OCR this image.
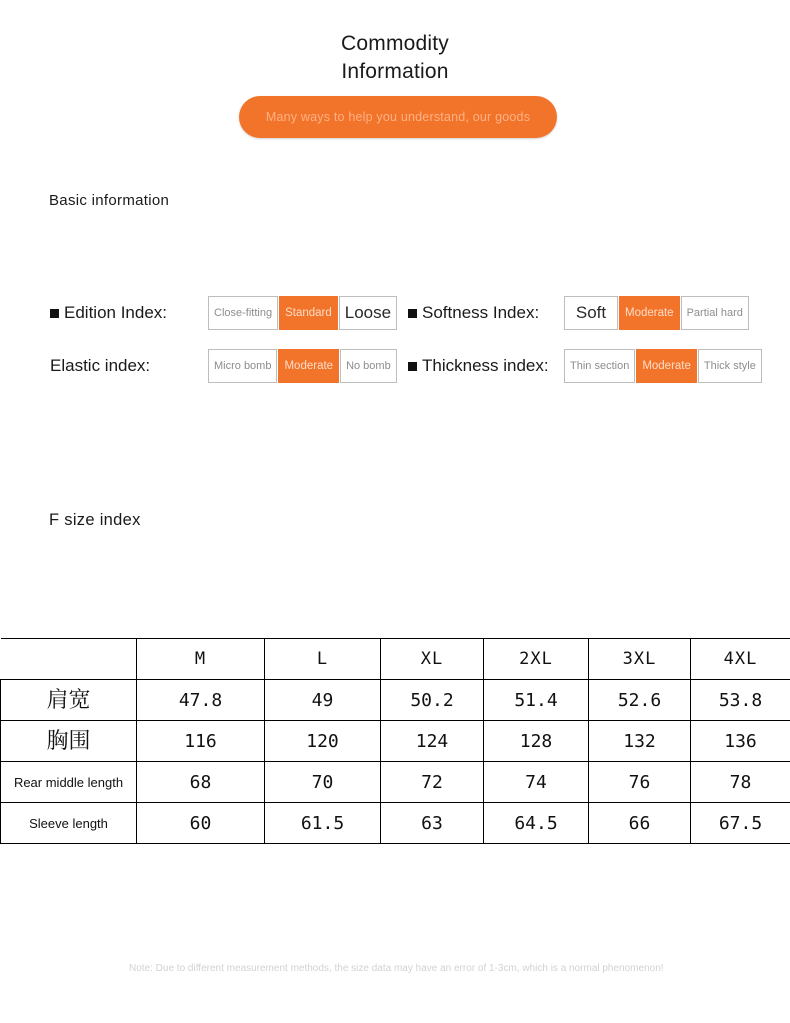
Commodity Information
Many ways to help you understand, our goods
Basic information
F size index
Edition Index:	Close-fitting	Standard Loose	Softness Index:	Soft	Moderate	Partial hard
Elastic index:	Micro bomb	Moderate	No bomb	Thickness index:	Thin section	Moderate	Thick style
	M	L	XL	2XL	3XL	4XL
肩宽	47.8	49	50.2	51.4	52.6	53.8
胸围	116	120	124	128	132	136
Rear middle length	68	70	72	74	76	78
Sleeve length	60	61.5	63	64.5	66	67.5
Note: Due to different measurement methods, the size data may have an error of 1-3cm, which is a normal phenomenon!
